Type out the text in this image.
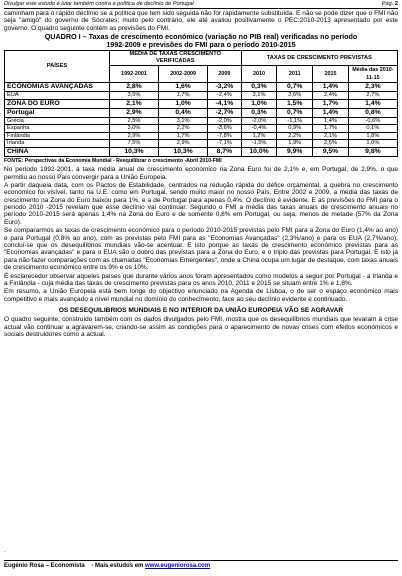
Divulgar este estudo é lutar também contra a política de declínio de Portugal	Pág. 2

caminham para o rápido declínio se a política que tem sido seguida não for rapidamente substituída. E não se pode dizer que o FMI não seja "amigo" do governo de Sócrates; muito pelo contrário, ele até avaliou positivamente o PEC:2010-2013 apresentado por este governo. O quadro seguinte contém as previsões do FMI.

QUADRO I – Taxas de crescimento económico (variação no PIB real) verificadas no período
1992-2009 e previsões do FMI para o período 2010-2015
PAÍSES	MÉDIA DE TAXAS CRESCIMENTO VERIFICADAS			TAXAS DE CRESCIMENTO PREVISTAS			
	1992-2001	2002-2009	2009	2010	2011	2015	Média das 2010-11-15
ECONOMIAS AVANÇADAS	2,8%	1,6%	-3,2%	0,3%	0,7%	1,4%	2,3%
EUA	3,5%	1,7%	-2,4%	3,1%	2,6%	2,4%	2,7%
ZONA DO EURO	2,1%	1,0%	-4,1%	1,0%	1,5%	1,7%	1,4%
Portugal	2,9%	0,4%	-2,7%	0,3%	0,7%	1,4%	0,8%
Grécia	2,5%	3,1%	-2,0%	-2,0%	-1,1%	1,4%	-0,6%
Espanha	3,0%	2,2%	-3,6%	-0,4%	0,9%	1,7%	0,1%
Finlândia	2,9%	1,7%	-7,8%	1,2%	2,2%	2,1%	1,8%
Irlanda	7,5%	2,9%	-7,1%	-1,5%	1,9%	2,5%	1,0%
CHINA	10,3%	10,3%	8,7%	10,0%	9,9%	9,5%	9,8%
FONTE: Perspectivas da Economia Mundial - Reequilibrar o crescimento -Abril 2010-FMI

No período 1992-2001, a taxa média anual de crescimento económico na Zona Euro foi de 2,1% e, em Portugal, de 2,9%, o que permitiu ao nosso País convergir para a União Europeia.

A partir daqueia data, com os Pactos de Estabilidade, centrados na redução rápida do défice orçamental, a quebra no crescimento económico foi visível, tanto na U.E. como em Portugal, sendo muito maior no nosso País. Entre 2002 e 2009, a média das taxas de crescimento na Zona do Euro baixou para 1%, e a de Portugal para apenas 0,4%. O declínio é evidente. E as previsões do FMI para o período 2010 -2015 revelam que esse declínio vai continuar. Segundo o FMI a média das taxas anuais de crescimento anuais no período 2010-2015 será apenas 1,4% na Zona do Euro e de somente 0,8% em Portugal, ou seja, menos de metade (57% da Zona Euro).

Se compararmos as taxas de crescimento económico para o período 2010-2015 previstas pelo FMI para a Zona do Euro (1,4% ao ano) e para Portugal (0,8% ao ano), com as previstas pelo FMI para as "Economias Avançadas" (2,3%/ano) e para os EUA (2,7%/ano), conclui-se que os desequilíbrios mundiais vão-se acentuar. E isto porque as taxas de crescimento económico previstas para as "Economias avançadas" e para o EUA são o dobro das previstas para a Zona do Euro, e o triplo das previstas para Portugal. E isto já para não fazer comparações com as chamadas "Economias Emergentes", onde a China ocupa um lugar de destaque, com taxas anuais de crescimento económico entre os 9% e os 10%.

É esclarecedor observar aqueles países que durante vários anos foram apresentados como modelos a seguir por Portugal - a Irlanda e a Finlândia - cuja média das taxas de crescimento previstas para os anos 2010, 2011 e 2015 se situam entre 1% e 1,8%.

Em resumo, a União Europeia está bem longe do objectivo enunciado na Agenda de Lisboa, o de ser o espaço económico mais competitivo e mais avançado a nível mundial no domínio do conhecimento, face ao seu declínio evidente e continuado.

OS DESEQUILIBRIOS MUNDIAIS E NO INTERIOR DA UNIÃO EUROPEIA VÃO SE AGRAVAR

O quadro seguinte, construído também com os dados divulgados pelo FMI, mostra que os desequilíbrios mundiais que levaram à crise actual vão continuar a agravarem-se, criando-se assim as condições para o aparecimento de novas crises com efeitos económicos e sociais destruidores como a actual.

.
Eugénio Rosa – Economista - Mais estudos em www.eugeniorosa.com
